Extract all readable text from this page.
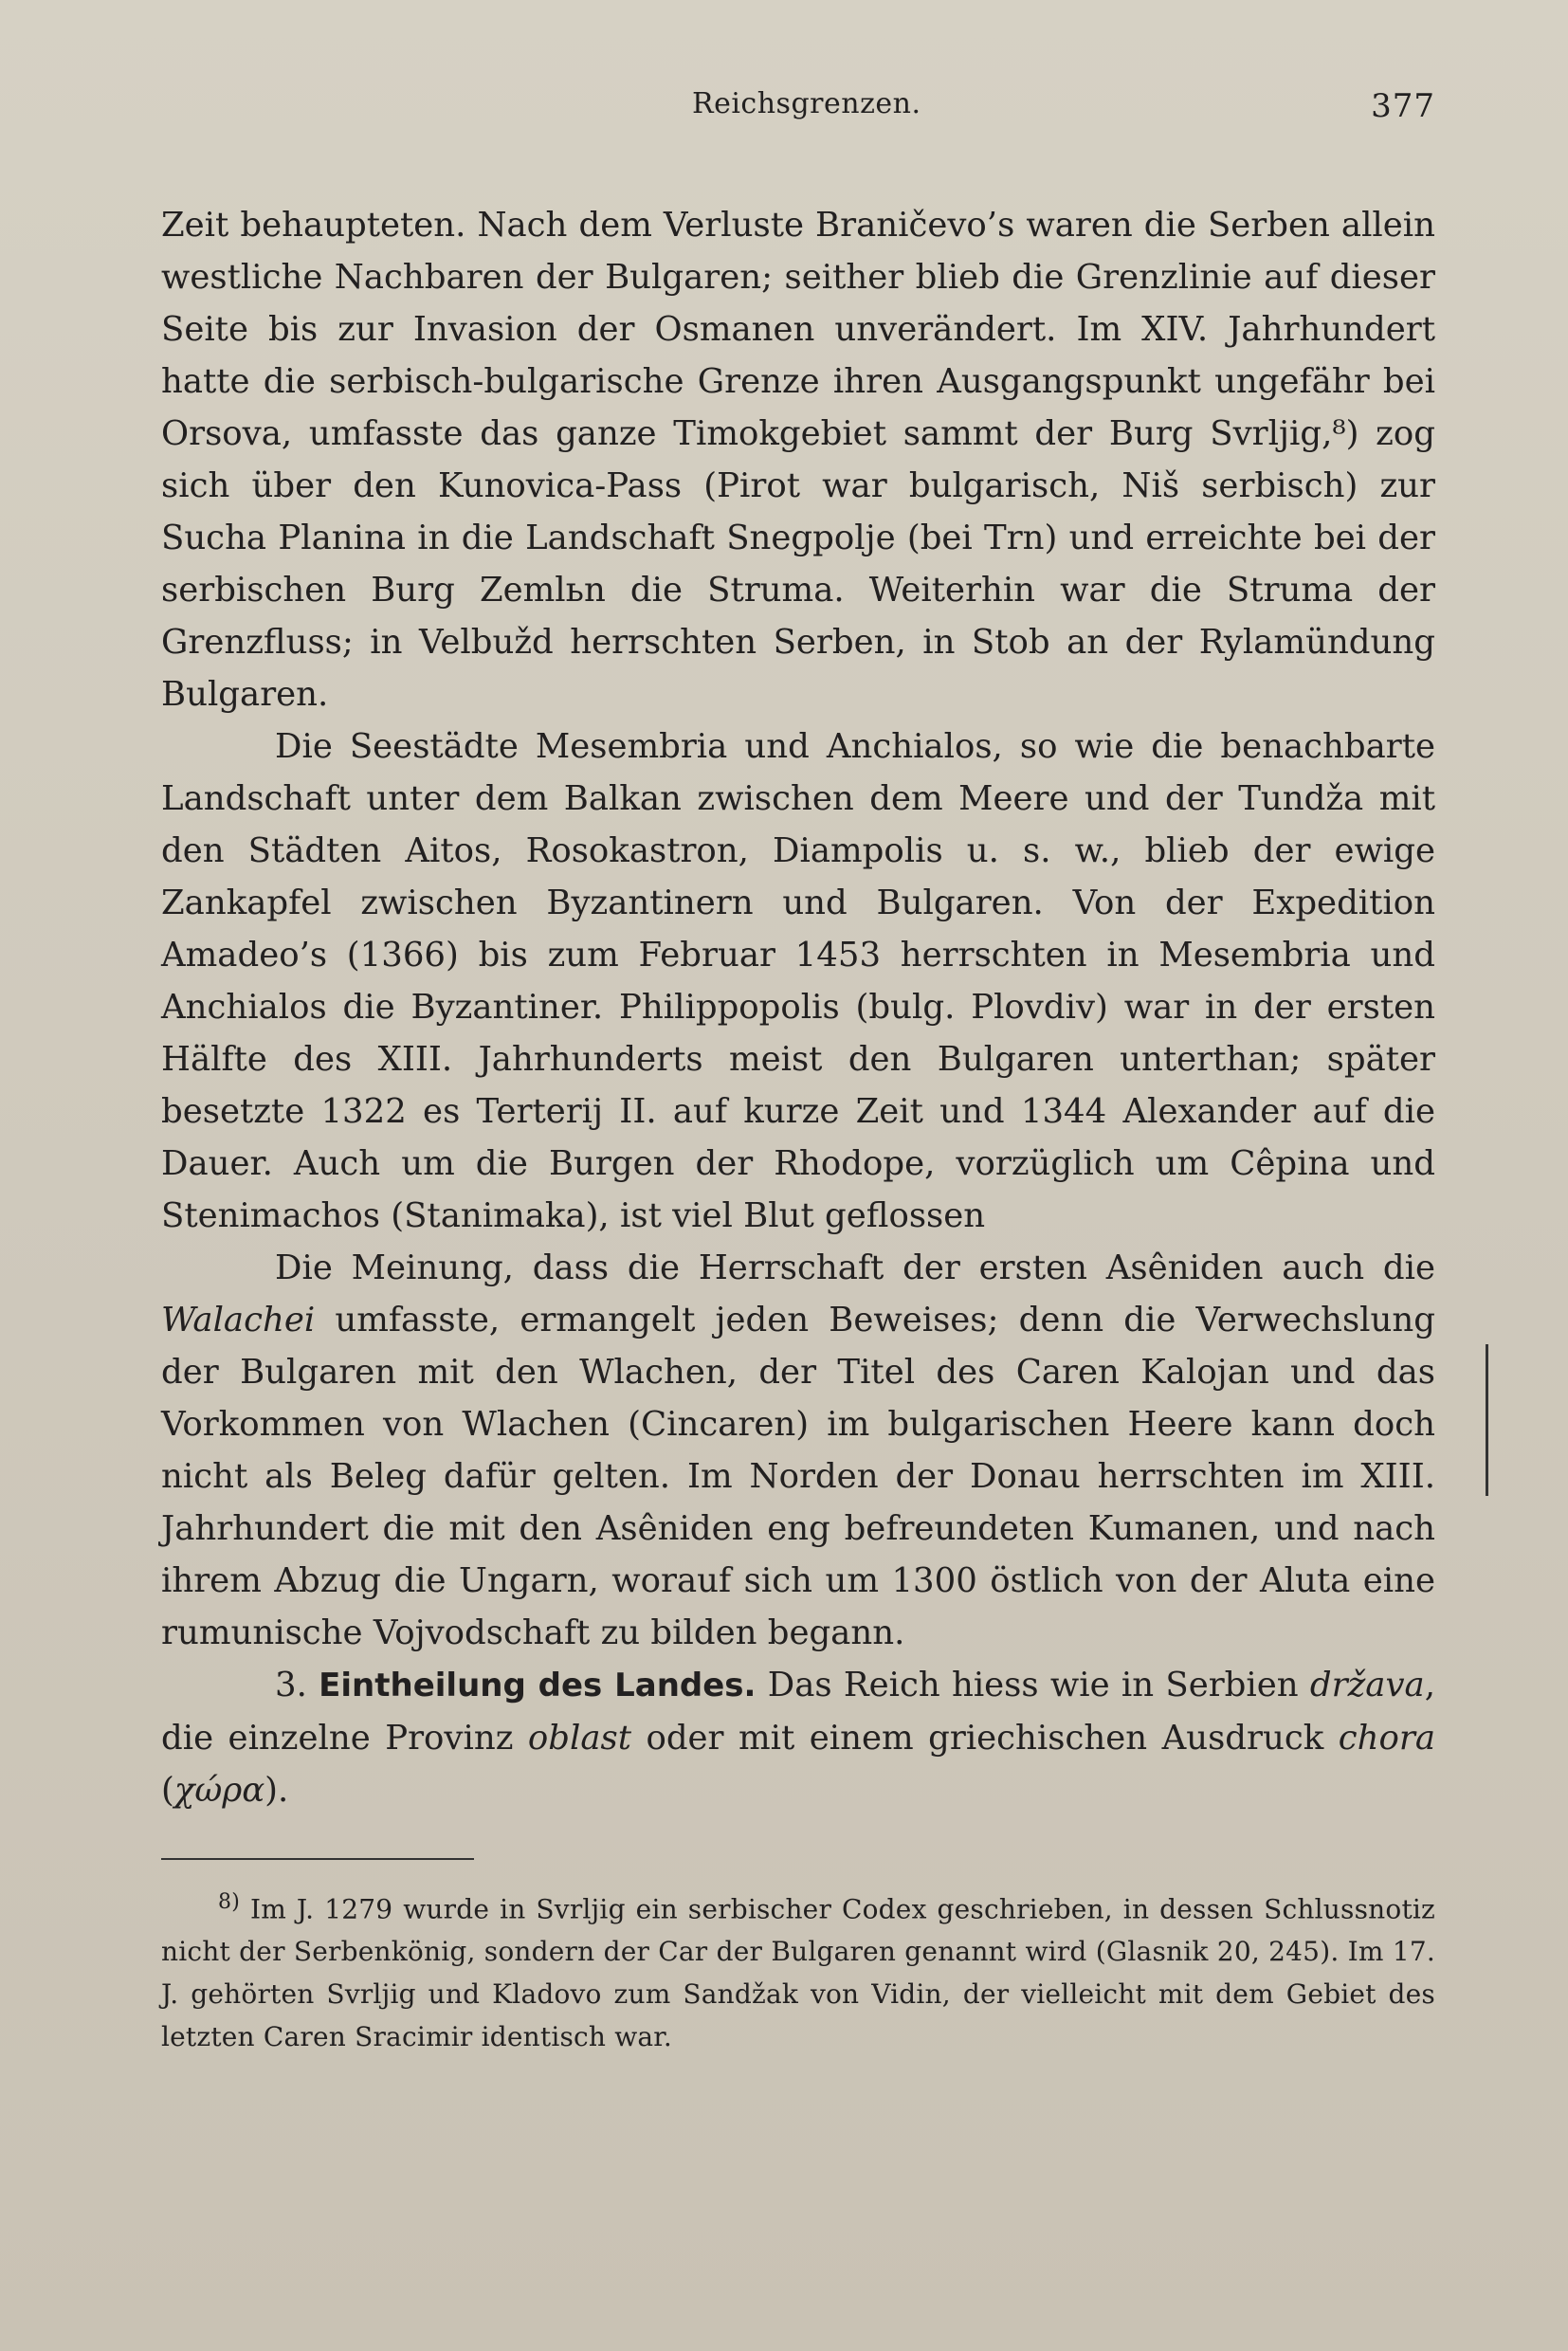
Reichsgrenzen.	377

Zeit behaupteten. Nach dem Verluste Braničevo’s waren die Serben allein westliche Nachbaren der Bulgaren; seither blieb die Grenzlinie auf dieser Seite bis zur Invasion der Osmanen unverändert. Im XIV. Jahrhundert hatte die serbisch-bulgarische Grenze ihren Ausgangspunkt ungefähr bei Orsova, umfasste das ganze Timokgebiet sammt der Burg Svrljig,⁸) zog sich über den Kunovica-Pass (Pirot war bulgarisch, Niš serbisch) zur Sucha Planina in die Landschaft Snegpolje (bei Trn) und erreichte bei der serbischen Burg Zemlьn die Struma. Weiterhin war die Struma der Grenzfluss; in Velbužd herrschten Serben, in Stob an der Rylamündung Bulgaren.

Die Seestädte Mesembria und Anchialos, so wie die benachbarte Landschaft unter dem Balkan zwischen dem Meere und der Tundža mit den Städten Aitos, Rosokastron, Diampolis u. s. w., blieb der ewige Zankapfel zwischen Byzantinern und Bulgaren. Von der Expedition Amadeo’s (1366) bis zum Februar 1453 herrschten in Mesembria und Anchialos die Byzantiner. Philippopolis (bulg. Plovdiv) war in der ersten Hälfte des XIII. Jahrhunderts meist den Bulgaren unterthan; später besetzte 1322 es Terterij II. auf kurze Zeit und 1344 Alexander auf die Dauer. Auch um die Burgen der Rhodope, vorzüglich um Cêpina und Stenimachos (Stanimaka), ist viel Blut geflossen

Die Meinung, dass die Herrschaft der ersten Asêniden auch die Walachei umfasste, ermangelt jeden Beweises; denn die Verwechslung der Bulgaren mit den Wlachen, der Titel des Caren Kalojan und das Vorkommen von Wlachen (Cincaren) im bulgarischen Heere kann doch nicht als Beleg dafür gelten. Im Norden der Donau herrschten im XIII. Jahrhundert die mit den Asêniden eng befreundeten Kumanen, und nach ihrem Abzug die Ungarn, worauf sich um 1300 östlich von der Aluta eine rumunische Vojvodschaft zu bilden begann.

3. Eintheilung des Landes. Das Reich hiess wie in Serbien država, die einzelne Provinz oblast oder mit einem griechischen Ausdruck chora (χώρα).

$^{8)}$ Im J. 1279 wurde in Svrljig ein serbischer Codex geschrieben, in dessen Schlussnotiz nicht der Serbenkönig, sondern der Car der Bulgaren genannt wird (Glasnik 20, 245). Im 17. J. gehörten Svrljig und Kladovo zum Sandžak von Vidin, der vielleicht mit dem Gebiet des letzten Caren Sracimir identisch war.
